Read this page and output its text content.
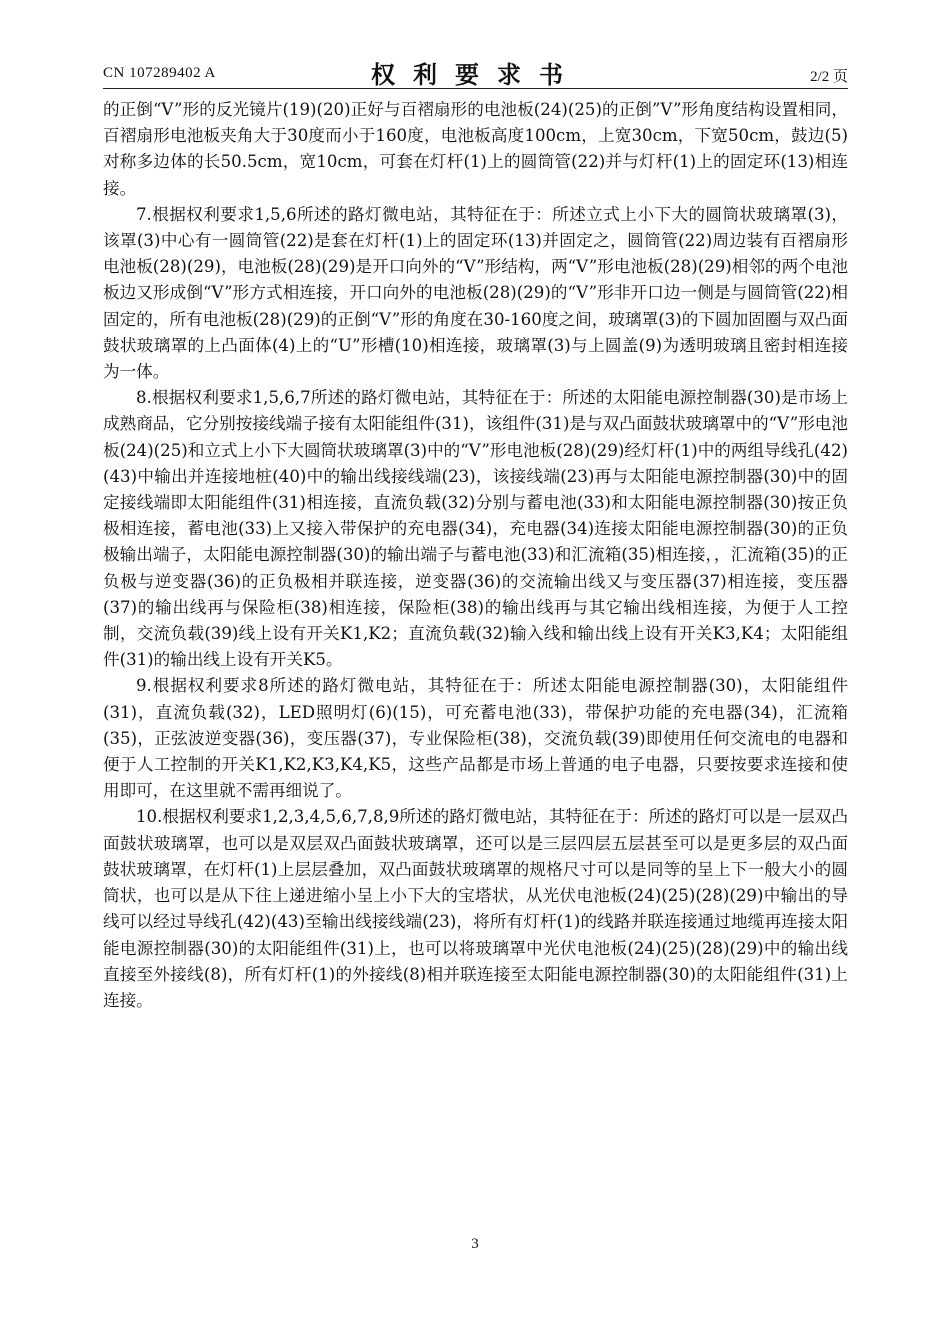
CN 107289402 A	权利要求书	2/2 页

的正倒“V”形的反光镜片(19)(20)正好与百褶扇形的电池板(24)(25)的正倒”V”形角度结构设置相同，百褶扇形电池板夹角大于30度而小于160度，电池板高度100cm，上宽30cm，下宽50cm，鼓边(5)对称多边体的长50.5cm，宽10cm，可套在灯杆(1)上的圆筒管(22)并与灯杆(1)上的固定环(13)相连接。

7.根据权利要求1,5,6所述的路灯微电站，其特征在于：所述立式上小下大的圆筒状玻璃罩(3)，该罩(3)中心有一圆筒管(22)是套在灯杆(1)上的固定环(13)并固定之，圆筒管(22)周边装有百褶扇形电池板(28)(29)，电池板(28)(29)是开口向外的“V”形结构，两“V”形电池板(28)(29)相邻的两个电池板边又形成倒“V”形方式相连接，开口向外的电池板(28)(29)的“V”形非开口边一侧是与圆筒管(22)相固定的，所有电池板(28)(29)的正倒“V”形的角度在30-160度之间，玻璃罩(3)的下圆加固圈与双凸面鼓状玻璃罩的上凸面体(4)上的“U”形槽(10)相连接，玻璃罩(3)与上圆盖(9)为透明玻璃且密封相连接为一体。

8.根据权利要求1,5,6,7所述的路灯微电站，其特征在于：所述的太阳能电源控制器(30)是市场上成熟商品，它分别按接线端子接有太阳能组件(31)，该组件(31)是与双凸面鼓状玻璃罩中的“V”形电池板(24)(25)和立式上小下大圆筒状玻璃罩(3)中的“V”形电池板(28)(29)经灯杆(1)中的两组导线孔(42)(43)中输出并连接地桩(40)中的输出线接线端(23)，该接线端(23)再与太阳能电源控制器(30)中的固定接线端即太阳能组件(31)相连接，直流负载(32)分别与蓄电池(33)和太阳能电源控制器(30)按正负极相连接，蓄电池(33)上又接入带保护的充电器(34)，充电器(34)连接太阳能电源控制器(30)的正负极输出端子，太阳能电源控制器(30)的输出端子与蓄电池(33)和汇流箱(35)相连接，，汇流箱(35)的正负极与逆变器(36)的正负极相并联连接，逆变器(36)的交流输出线又与变压器(37)相连接，变压器(37)的输出线再与保险柜(38)相连接，保险柜(38)的输出线再与其它输出线相连接，为便于人工控制，交流负载(39)线上设有开关K1,K2；直流负载(32)输入线和输出线上设有开关K3,K4；太阳能组件(31)的输出线上设有开关K5。

9.根据权利要求8所述的路灯微电站，其特征在于：所述太阳能电源控制器(30)，太阳能组件(31)，直流负载(32)，LED照明灯(6)(15)，可充蓄电池(33)，带保护功能的充电器(34)，汇流箱(35)，正弦波逆变器(36)，变压器(37)，专业保险柜(38)，交流负载(39)即使用任何交流电的电器和便于人工控制的开关K1,K2,K3,K4,K5，这些产品都是市场上普通的电子电器，只要按要求连接和使用即可，在这里就不需再细说了。

10.根据权利要求1,2,3,4,5,6,7,8,9所述的路灯微电站，其特征在于：所述的路灯可以是一层双凸面鼓状玻璃罩，也可以是双层双凸面鼓状玻璃罩，还可以是三层四层五层甚至可以是更多层的双凸面鼓状玻璃罩，在灯杆(1)上层层叠加，双凸面鼓状玻璃罩的规格尺寸可以是同等的呈上下一般大小的圆筒状，也可以是从下往上递进缩小呈上小下大的宝塔状，从光伏电池板(24)(25)(28)(29)中输出的导线可以经过导线孔(42)(43)至输出线接线端(23)，将所有灯杆(1)的线路并联连接通过地缆再连接太阳能电源控制器(30)的太阳能组件(31)上，也可以将玻璃罩中光伏电池板(24)(25)(28)(29)中的输出线直接至外接线(8)，所有灯杆(1)的外接线(8)相并联连接至太阳能电源控制器(30)的太阳能组件(31)上连接。

3
